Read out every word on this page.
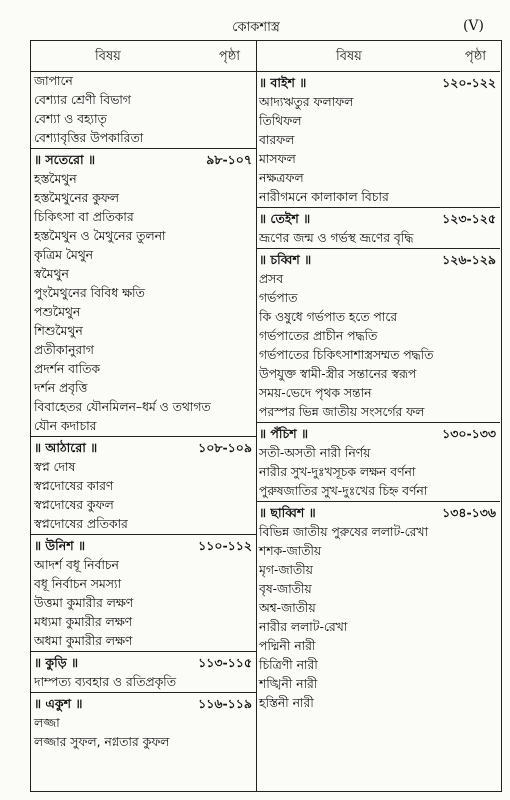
কোকশাস্ত্র	(V)
বিষয়	পৃষ্ঠা
জাপানে
বেশ্যার শ্রেণী বিভাগ
বেশ্যা ও বহ্যাতৃ
বেশ্যাবৃত্তির উপকারিতা
॥ সতেরো ॥	৯৮-১০৭
হস্তমৈথুন
হস্তমৈথুনের কুফল
চিকিৎসা বা প্রতিকার
হস্তমৈথুন ও মৈথুনের তুলনা
কৃত্রিম মৈথুন
স্বমৈথুন
পুংমৈথুনের বিবিধ ক্ষতি
পশুমৈথুন
শিশুমৈথুন
প্রতীকানুরাগ
প্রদর্শন বাতিক
দর্শন প্রবৃত্তি
বিবাহেতর যৌনমিলন–ধর্ম ও তথাগত
যৌন কদাচার
॥ আঠারো ॥	১০৮-১০৯
স্বপ্ন দোষ
স্বপ্নদোষের কারণ
স্বপ্নদোষের কুফল
স্বপ্নদোষের প্রতিকার
॥ উনিশ ॥	১১০-১১২
আদর্শ বধূ নির্বাচন
বধূ নির্বাচন সমস্যা
উত্তমা কুমারীর লক্ষণ
মধ্যমা কুমারীর লক্ষণ
অধমা কুমারীর লক্ষণ
॥ কুড়ি ॥	১১৩-১১৫
দাম্পত্য ব্যবহার ও রতিপ্রকৃতি
॥ একুশ ॥	১১৬-১১৯
লজ্জা
লজ্জার সুফল, নগ্নতার কুফল
বিষয়	পৃষ্ঠা
॥ বাইশ ॥	১২০-১২২
আদ্যঋতুর ফলাফল
তিথিফল
বারফল
মাসফল
নক্ষত্রফল
নারীগমনে কালাকাল বিচার
॥ তেইশ ॥	১২৩-১২৫
ভ্রূণের জন্ম ও গর্ভস্থ ভ্রূণের বৃদ্ধি
॥ চব্বিশ ॥	১২৬-১২৯
প্রসব
গর্ভপাত
কি ওষুধে গর্ভপাত হতে পারে
গর্ভপাতের প্রাচীন পদ্ধতি
গর্ভপাতের চিকিৎসাশাস্ত্রসম্মত পদ্ধতি
উপযুক্ত স্বামী-স্ত্রীর সন্তানের স্বরূপ
সময়-ভেদে পৃথক সন্তান
পরস্পর ভিন্ন জাতীয় সংসর্গের ফল
॥ পঁচিশ ॥	১৩০-১৩৩
সতী-অসতী নারী নির্ণয়
নারীর সুখ-দুঃখসূচক লক্ষন বর্ণনা
পুরুষজাতির সুখ-দুঃখের চিহ্ন বর্ণনা
॥ ছাব্বিশ ॥	১৩৪-১৩৬
বিভিন্ন জাতীয় পুরুষের ললাট-রেখা
শশক-জাতীয়
মৃগ-জাতীয়
বৃষ-জাতীয়
অশ্ব-জাতীয়
নারীর ললাট-রেখা
পদ্মিনী নারী
চিত্রিণী নারী
শঙ্খিনী নারী
হস্তিনী নারী
